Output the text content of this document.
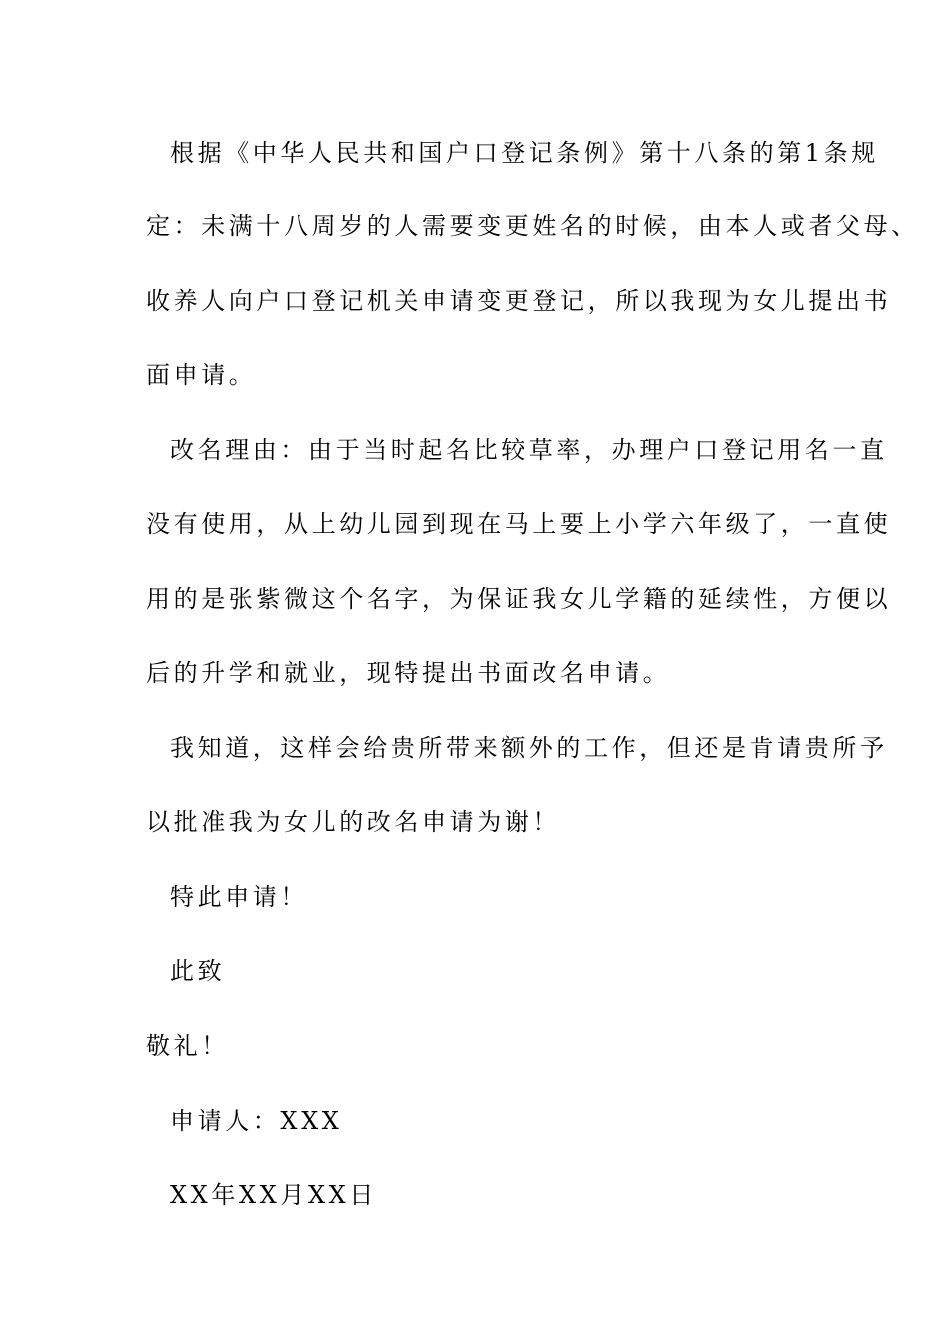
根据《中华人民共和国户口登记条例》第十八条的第1条规
定：未满十八周岁的人需要变更姓名的时候，由本人或者父母、
收养人向户口登记机关申请变更登记，所以我现为女儿提出书
面申请。
改名理由：由于当时起名比较草率，办理户口登记用名一直
没有使用，从上幼儿园到现在马上要上小学六年级了，一直使
用的是张紫微这个名字，为保证我女儿学籍的延续性，方便以
后的升学和就业，现特提出书面改名申请。
我知道，这样会给贵所带来额外的工作，但还是肯请贵所予
以批准我为女儿的改名申请为谢！
特此申请！
此致
敬礼！
申请人：XXX
XX年XX月XX日
